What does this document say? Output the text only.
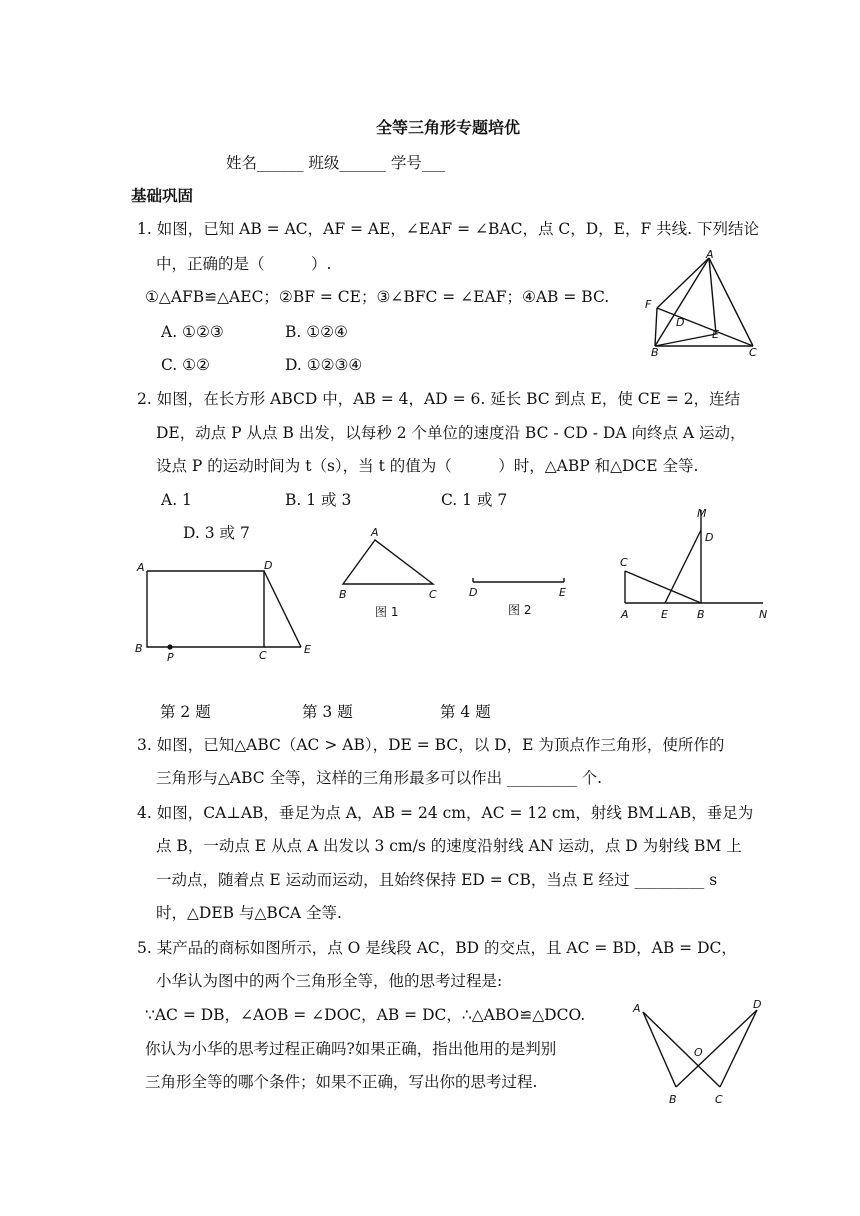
全等三角形专题培优
姓名______ 班级______ 学号___
基础巩固
1. 如图，已知 AB = AC，AF = AE，∠EAF = ∠BAC，点 C，D，E，F 共线. 下列结论
中，正确的是（　　　）.
①△AFB≌△AEC；②BF = CE；③∠BFC = ∠EAF；④AB = BC.
A. ①②③	B. ①②④
C. ①②	D. ①②③④
A
F
D
E
B	C
2. 如图，在长方形 ABCD 中，AB = 4，AD = 6. 延长 BC 到点 E，使 CE = 2，连结
DE，动点 P 从点 B 出发，以每秒 2 个单位的速度沿 BC - CD - DA 向终点 A 运动，
设点 P 的运动时间为 t（s），当 t 的值为（　　　）时，△ABP 和△DCE 全等.
A. 1	B. 1 或 3	C. 1 或 7
D. 3 或 7
A	D
B
P	C	E
A
B	C
图 1
D	E
图 2
M
D
C
A	E	B	N
第 2 题	第 3 题	第 4 题
3. 如图，已知△ABC（AC > AB），DE = BC，以 D，E 为顶点作三角形，使所作的
三角形与△ABC 全等，这样的三角形最多可以作出 _________ 个.
4. 如图，CA⊥AB，垂足为点 A，AB = 24 cm，AC = 12 cm，射线 BM⊥AB，垂足为
点 B，一动点 E 从点 A 出发以 3 cm/s 的速度沿射线 AN 运动，点 D 为射线 BM 上
一动点，随着点 E 运动而运动，且始终保持 ED = CB，当点 E 经过 _________ s
时，△DEB 与△BCA 全等.
5. 某产品的商标如图所示，点 O 是线段 AC，BD 的交点，且 AC = BD，AB = DC，
小华认为图中的两个三角形全等，他的思考过程是:
∵AC = DB，∠AOB = ∠DOC，AB = DC，∴△ABO≌△DCO.
你认为小华的思考过程正确吗?如果正确，指出他用的是判别
三角形全等的哪个条件；如果不正确，写出你的思考过程.
A	D
O
B	C
